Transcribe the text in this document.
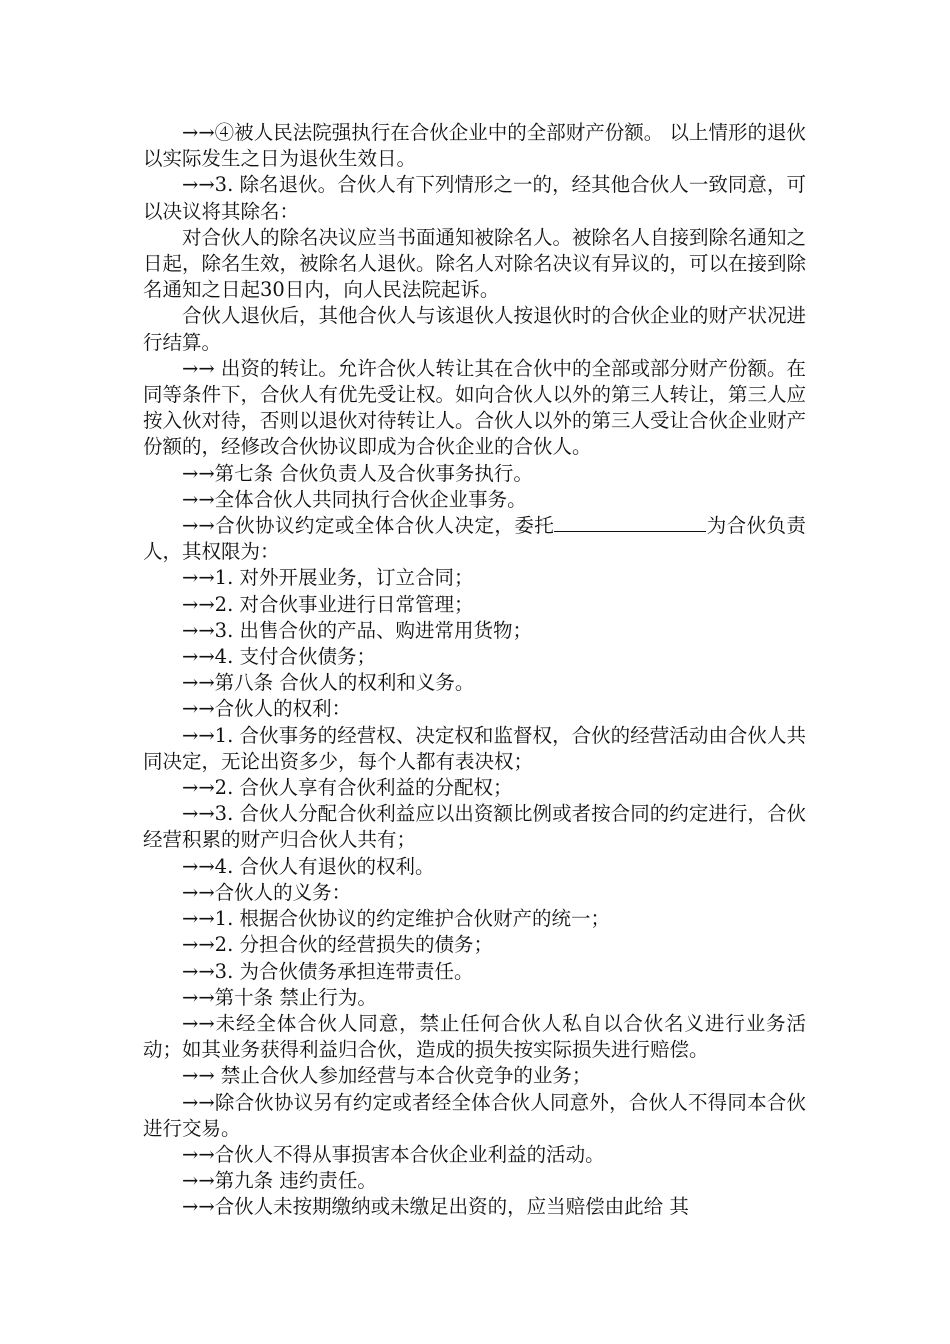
→→④被人民法院强执行在合伙企业中的全部财产份额。 以上情形的退伙以实际发生之日为退伙生效日。

→→3. 除名退伙。合伙人有下列情形之一的，经其他合伙人一致同意，可以决议将其除名：

对合伙人的除名决议应当书面通知被除名人。被除名人自接到除名通知之日起，除名生效，被除名人退伙。除名人对除名决议有异议的，可以在接到除名通知之日起30日内，向人民法院起诉。

合伙人退伙后，其他合伙人与该退伙人按退伙时的合伙企业的财产状况进行结算。

→→ 出资的转让。允许合伙人转让其在合伙中的全部或部分财产份额。在同等条件下，合伙人有优先受让权。如向合伙人以外的第三人转让，第三人应按入伙对待，否则以退伙对待转让人。合伙人以外的第三人受让合伙企业财产份额的，经修改合伙协议即成为合伙企业的合伙人。

→→第七条 合伙负责人及合伙事务执行。

→→全体合伙人共同执行合伙企业事务。

→→合伙协议约定或全体合伙人决定，委托	为合伙负责人，其权限为：

→→1. 对外开展业务，订立合同；

→→2. 对合伙事业进行日常管理；

→→3. 出售合伙的产品、购进常用货物；

→→4. 支付合伙债务；

→→第八条 合伙人的权利和义务。

→→合伙人的权利：

→→1. 合伙事务的经营权、决定权和监督权，合伙的经营活动由合伙人共同决定，无论出资多少，每个人都有表决权；

→→2. 合伙人享有合伙利益的分配权；

→→3. 合伙人分配合伙利益应以出资额比例或者按合同的约定进行，合伙经营积累的财产归合伙人共有；

→→4. 合伙人有退伙的权利。

→→合伙人的义务：

→→1. 根据合伙协议的约定维护合伙财产的统一；

→→2. 分担合伙的经营损失的债务；

→→3. 为合伙债务承担连带责任。

→→第十条 禁止行为。

→→未经全体合伙人同意，禁止任何合伙人私自以合伙名义进行业务活动；如其业务获得利益归合伙，造成的损失按实际损失进行赔偿。

→→ 禁止合伙人参加经营与本合伙竞争的业务；

→→除合伙协议另有约定或者经全体合伙人同意外，合伙人不得同本合伙进行交易。

→→合伙人不得从事损害本合伙企业利益的活动。

→→第九条 违约责任。

→→合伙人未按期缴纳或未缴足出资的，应当赔偿由此给 其
